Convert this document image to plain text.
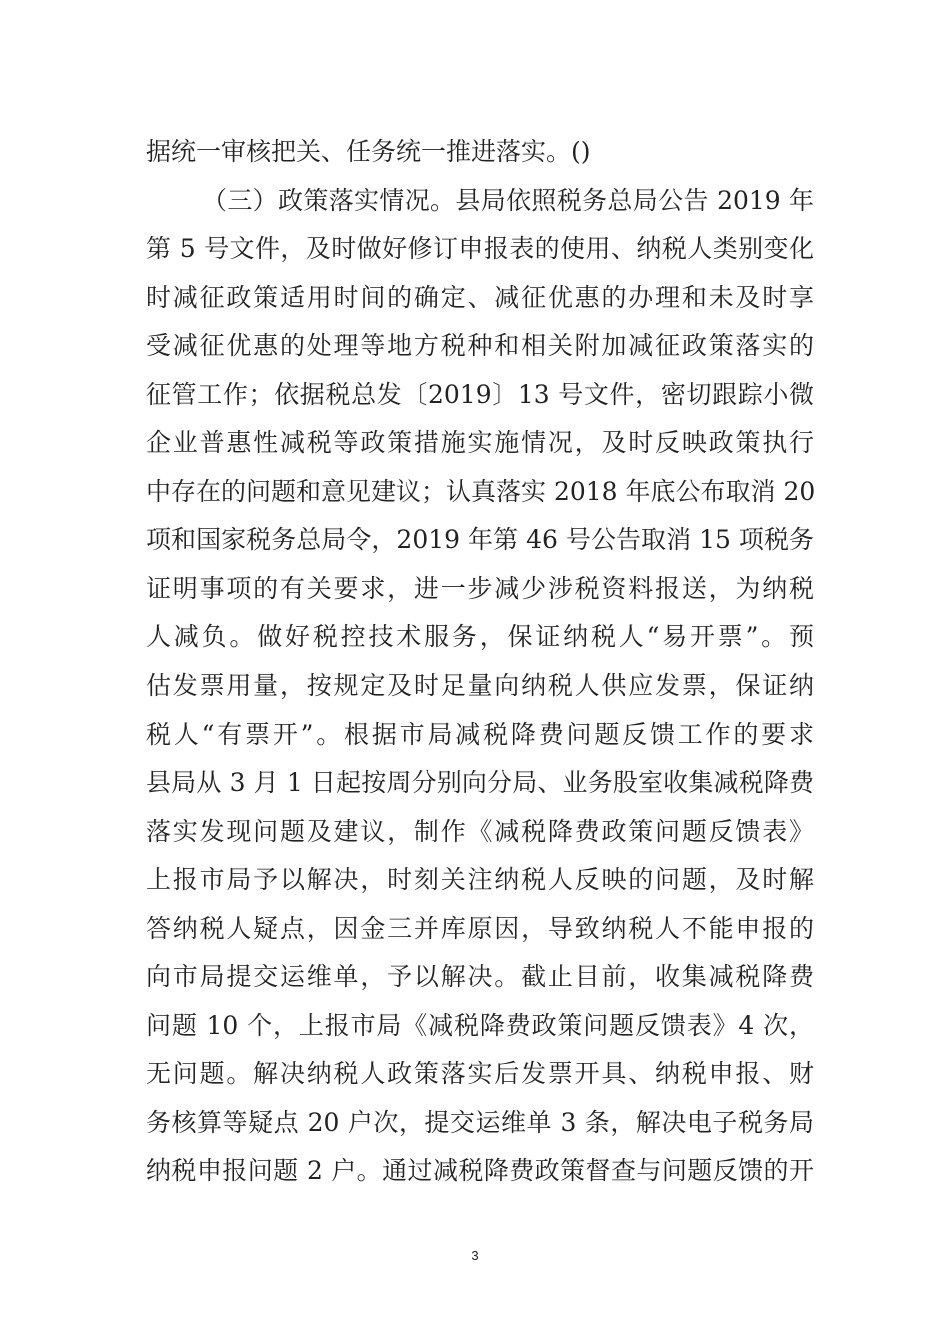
据统一审核把关、任务统一推进落实。()
（三）政策落实情况。县局依照税务总局公告 2019 年
第 5 号文件，及时做好修订申报表的使用、纳税人类别变化
时减征政策适用时间的确定、减征优惠的办理和未及时享
受减征优惠的处理等地方税种和相关附加减征政策落实的
征管工作；依据税总发〔2019〕13 号文件，密切跟踪小微
企业普惠性减税等政策措施实施情况，及时反映政策执行
中存在的问题和意见建议；认真落实 2018 年底公布取消 20
项和国家税务总局令，2019 年第 46 号公告取消 15 项税务
证明事项的有关要求，进一步减少涉税资料报送，为纳税
人减负。做好税控技术服务，保证纳税人“易开票”。预
估发票用量，按规定及时足量向纳税人供应发票，保证纳
税人“有票开”。根据市局减税降费问题反馈工作的要求
县局从 3 月 1 日起按周分别向分局、业务股室收集减税降费
落实发现问题及建议，制作《减税降费政策问题反馈表》
上报市局予以解决，时刻关注纳税人反映的问题，及时解
答纳税人疑点，因金三并库原因，导致纳税人不能申报的
向市局提交运维单，予以解决。截止目前，收集减税降费
问题 10 个，上报市局《减税降费政策问题反馈表》4 次，
无问题。解决纳税人政策落实后发票开具、纳税申报、财
务核算等疑点 20 户次，提交运维单 3 条，解决电子税务局
纳税申报问题 2 户。通过减税降费政策督查与问题反馈的开
3
